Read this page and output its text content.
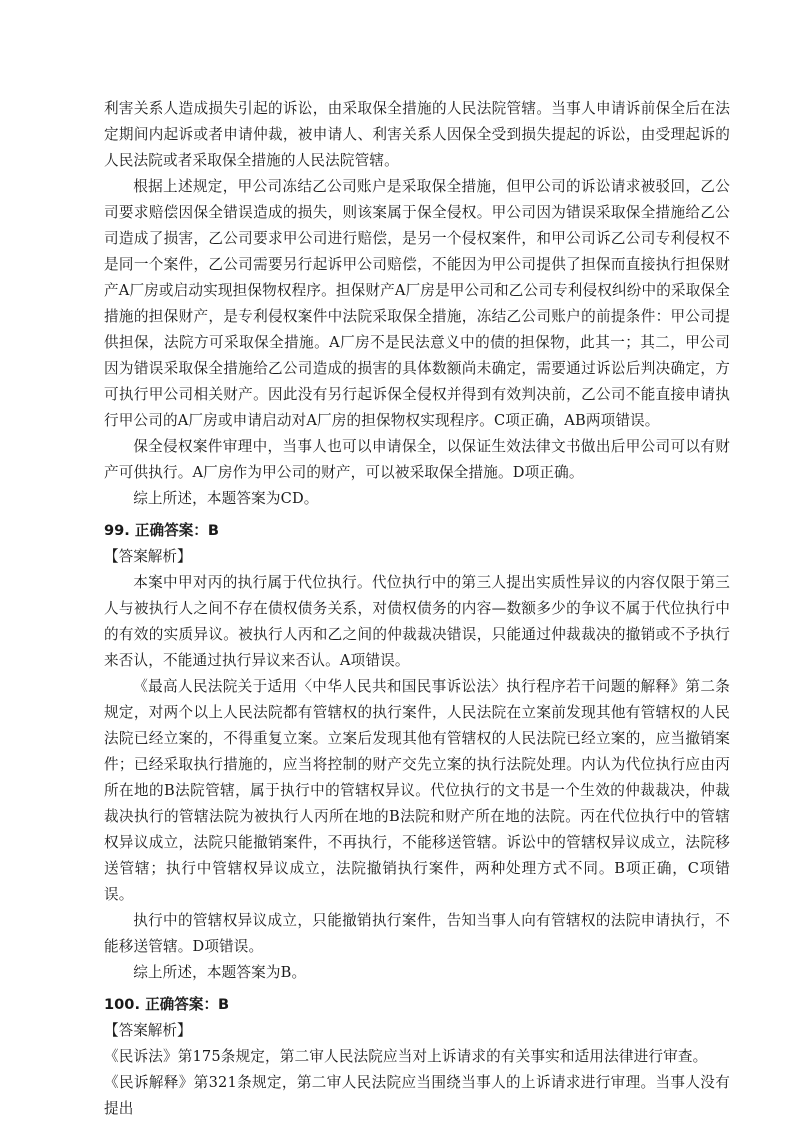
利害关系人造成损失引起的诉讼，由采取保全措施的人民法院管辖。当事人申请诉前保全后在法定期间内起诉或者申请仲裁，被申请人、利害关系人因保全受到损失提起的诉讼，由受理起诉的人民法院或者采取保全措施的人民法院管辖。

根据上述规定，甲公司冻结乙公司账户是采取保全措施，但甲公司的诉讼请求被驳回，乙公司要求赔偿因保全错误造成的损失，则该案属于保全侵权。甲公司因为错误采取保全措施给乙公司造成了损害，乙公司要求甲公司进行赔偿，是另一个侵权案件，和甲公司诉乙公司专利侵权不是同一个案件，乙公司需要另行起诉甲公司赔偿，不能因为甲公司提供了担保而直接执行担保财产A厂房或启动实现担保物权程序。担保财产A厂房是甲公司和乙公司专利侵权纠纷中的采取保全措施的担保财产，是专利侵权案件中法院采取保全措施，冻结乙公司账户的前提条件：甲公司提供担保，法院方可采取保全措施。A厂房不是民法意义中的债的担保物，此其一；其二，甲公司因为错误采取保全措施给乙公司造成的损害的具体数额尚未确定，需要通过诉讼后判决确定，方可执行甲公司相关财产。因此没有另行起诉保全侵权并得到有效判决前，乙公司不能直接申请执行甲公司的A厂房或申请启动对A厂房的担保物权实现程序。C项正确，AB两项错误。

保全侵权案件审理中，当事人也可以申请保全，以保证生效法律文书做出后甲公司可以有财产可供执行。A厂房作为甲公司的财产，可以被采取保全措施。D项正确。

综上所述，本题答案为CD。

99. 正确答案：B

【答案解析】

本案中甲对丙的执行属于代位执行。代位执行中的第三人提出实质性异议的内容仅限于第三人与被执行人之间不存在债权债务关系，对债权债务的内容—数额多少的争议不属于代位执行中的有效的实质异议。被执行人丙和乙之间的仲裁裁决错误，只能通过仲裁裁决的撤销或不予执行来否认，不能通过执行异议来否认。A项错误。

《最高人民法院关于适用〈中华人民共和国民事诉讼法〉执行程序若干问题的解释》第二条规定，对两个以上人民法院都有管辖权的执行案件，人民法院在立案前发现其他有管辖权的人民法院已经立案的，不得重复立案。立案后发现其他有管辖权的人民法院已经立案的，应当撤销案件；已经采取执行措施的，应当将控制的财产交先立案的执行法院处理。内认为代位执行应由丙所在地的B法院管辖，属于执行中的管辖权异议。代位执行的文书是一个生效的仲裁裁决，仲裁裁决执行的管辖法院为被执行人丙所在地的B法院和财产所在地的法院。丙在代位执行中的管辖权异议成立，法院只能撤销案件，不再执行，不能移送管辖。诉讼中的管辖权异议成立，法院移送管辖；执行中管辖权异议成立，法院撤销执行案件，两种处理方式不同。B项正确，C项错误。

执行中的管辖权异议成立，只能撤销执行案件，告知当事人向有管辖权的法院申请执行，不能移送管辖。D项错误。

综上所述，本题答案为B。

100. 正确答案：B

【答案解析】

《民诉法》第175条规定，第二审人民法院应当对上诉请求的有关事实和适用法律进行审查。

《民诉解释》第321条规定，第二审人民法院应当围绕当事人的上诉请求进行审理。当事人没有提出
